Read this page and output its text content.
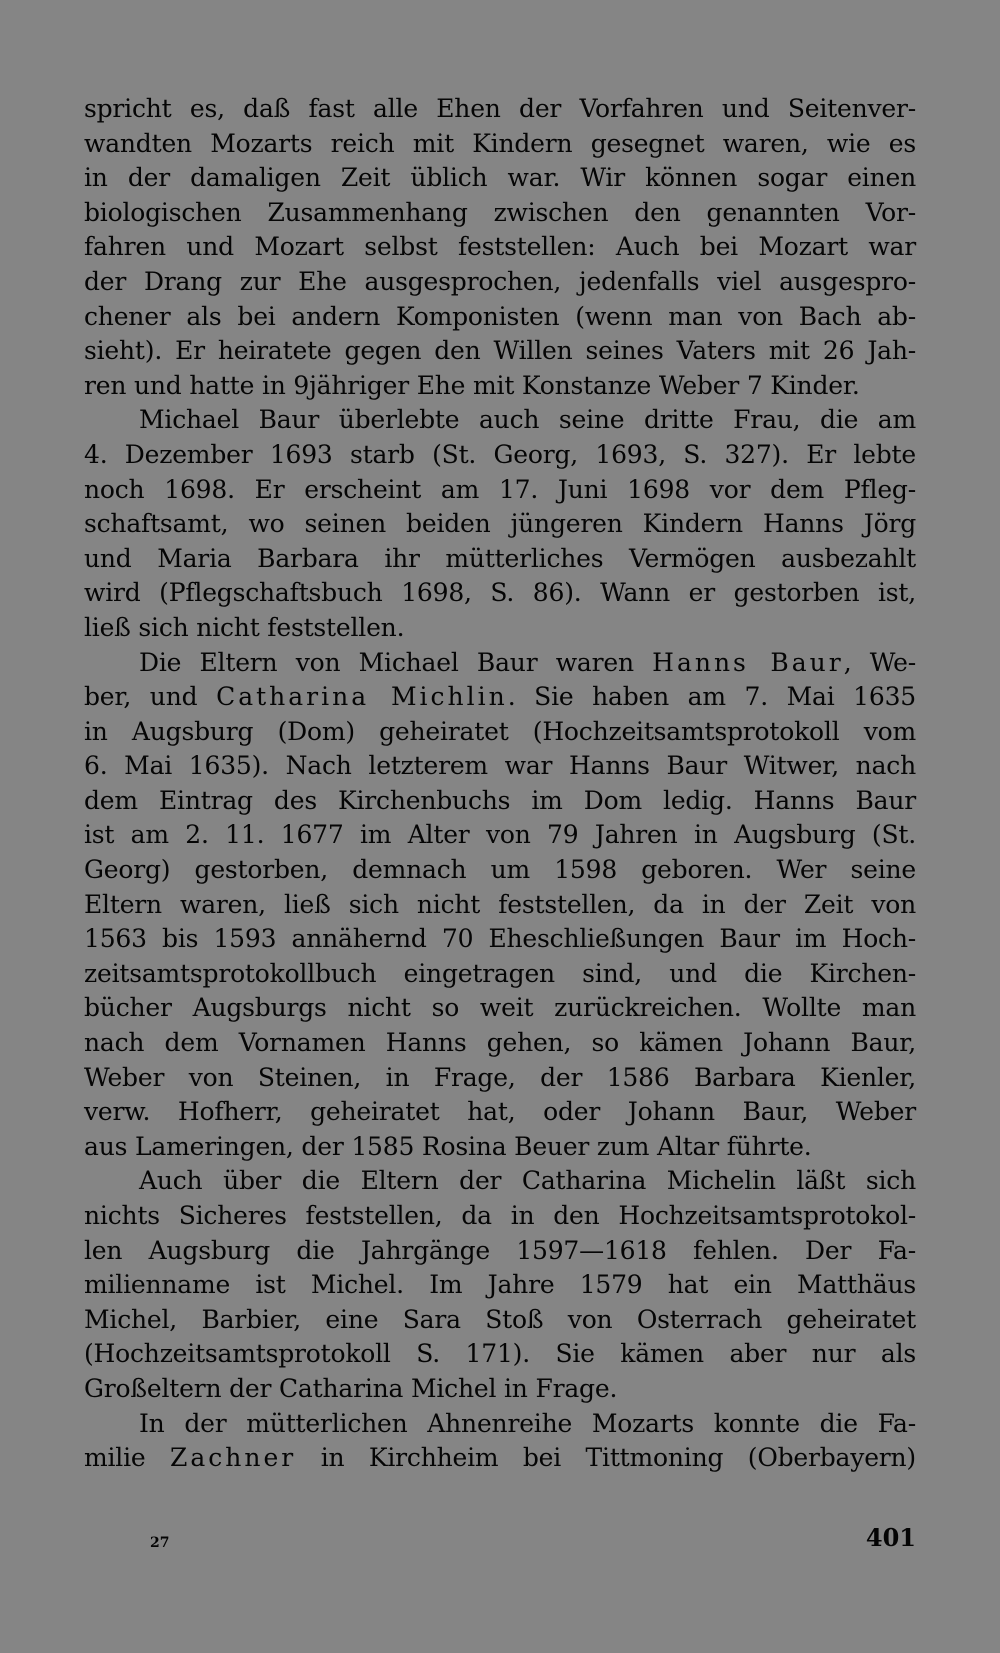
spricht es, daß fast alle Ehen der Vorfahren und Seitenver-
wandten Mozarts reich mit Kindern gesegnet waren, wie es
in der damaligen Zeit üblich war. Wir können sogar einen
biologischen Zusammenhang zwischen den genannten Vor-
fahren und Mozart selbst feststellen: Auch bei Mozart war
der Drang zur Ehe ausgesprochen, jedenfalls viel ausgespro-
chener als bei andern Komponisten (wenn man von Bach ab-
sieht). Er heiratete gegen den Willen seines Vaters mit 26 Jah-
ren und hatte in 9jähriger Ehe mit Konstanze Weber 7 Kinder.
Michael Baur überlebte auch seine dritte Frau, die am
4. Dezember 1693 starb (St. Georg, 1693, S. 327). Er lebte
noch 1698. Er erscheint am 17. Juni 1698 vor dem Pfleg-
schaftsamt, wo seinen beiden jüngeren Kindern Hanns Jörg
und Maria Barbara ihr mütterliches Vermögen ausbezahlt
wird (Pflegschaftsbuch 1698, S. 86). Wann er gestorben ist,
ließ sich nicht feststellen.
Die Eltern von Michael Baur waren Hanns Baur, We-
ber, und Catharina Michlin. Sie haben am 7. Mai 1635
in Augsburg (Dom) geheiratet (Hochzeitsamtsprotokoll vom
6. Mai 1635). Nach letzterem war Hanns Baur Witwer, nach
dem Eintrag des Kirchenbuchs im Dom ledig. Hanns Baur
ist am 2. 11. 1677 im Alter von 79 Jahren in Augsburg (St.
Georg) gestorben, demnach um 1598 geboren. Wer seine
Eltern waren, ließ sich nicht feststellen, da in der Zeit von
1563 bis 1593 annähernd 70 Eheschließungen Baur im Hoch-
zeitsamtsprotokollbuch eingetragen sind, und die Kirchen-
bücher Augsburgs nicht so weit zurückreichen. Wollte man
nach dem Vornamen Hanns gehen, so kämen Johann Baur,
Weber von Steinen, in Frage, der 1586 Barbara Kienler,
verw. Hofherr, geheiratet hat, oder Johann Baur, Weber
aus Lameringen, der 1585 Rosina Beuer zum Altar führte.
Auch über die Eltern der Catharina Michelin läßt sich
nichts Sicheres feststellen, da in den Hochzeitsamtsprotokol-
len Augsburg die Jahrgänge 1597—1618 fehlen. Der Fa-
milienname ist Michel. Im Jahre 1579 hat ein Matthäus
Michel, Barbier, eine Sara Stoß von Osterrach geheiratet
(Hochzeitsamtsprotokoll S. 171). Sie kämen aber nur als
Großeltern der Catharina Michel in Frage.
In der mütterlichen Ahnenreihe Mozarts konnte die Fa-
milie Zachner in Kirchheim bei Tittmoning (Oberbayern)
27	401
